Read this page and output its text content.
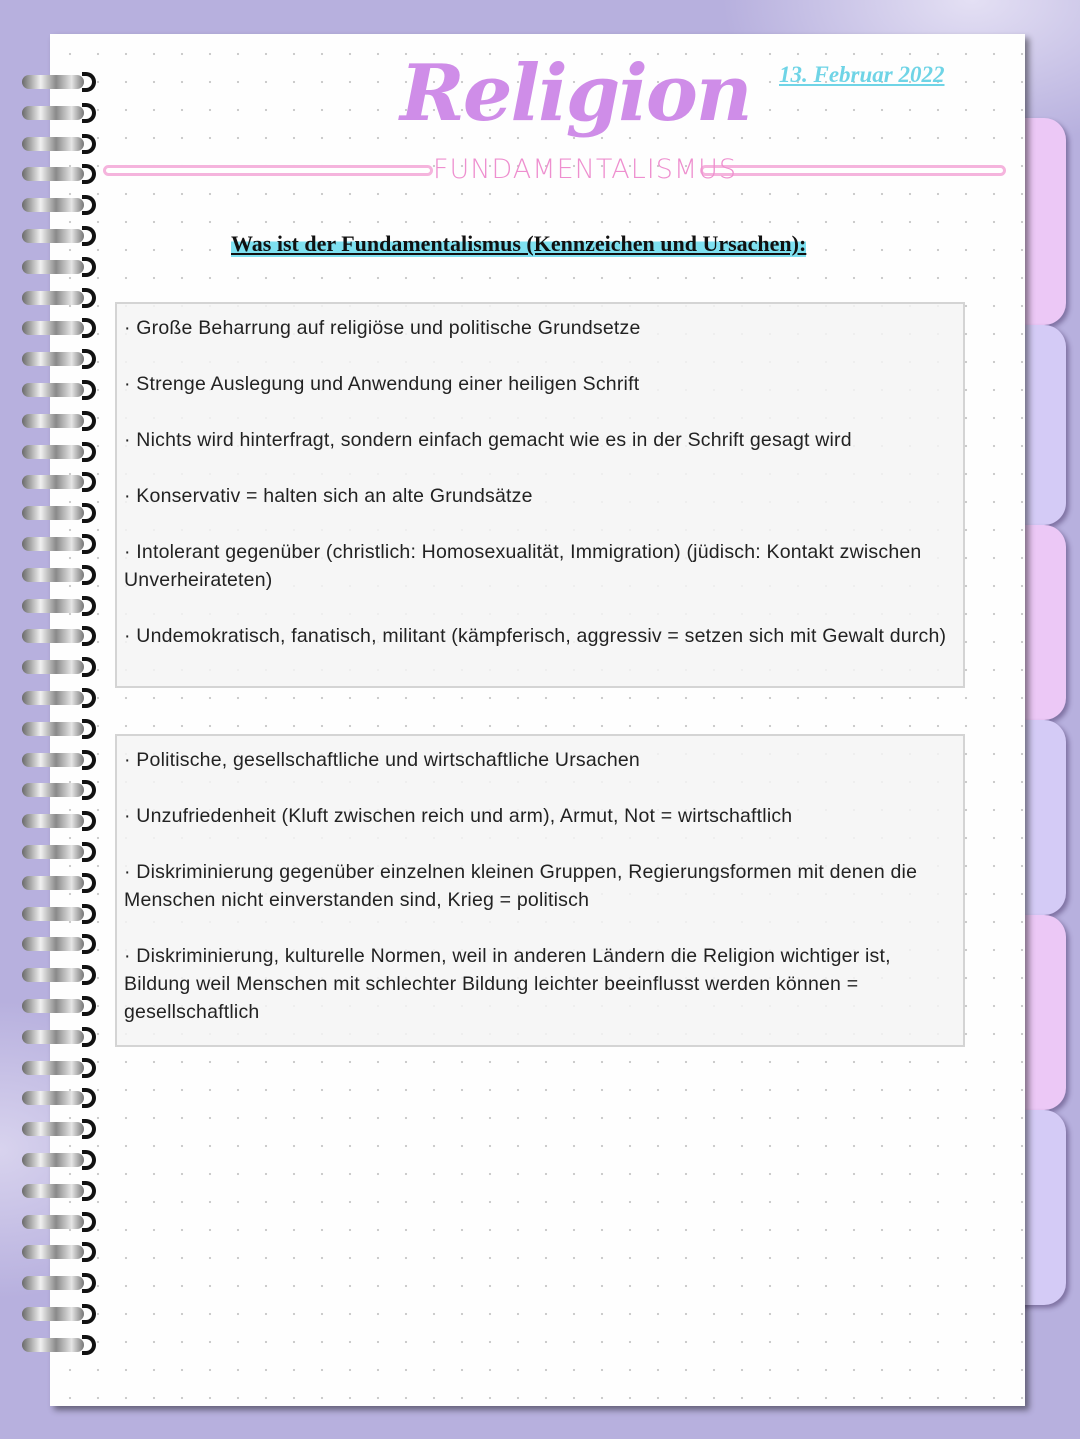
Religion 13. Februar 2022
FUNDAMENTALISMUS
Was ist der Fundamentalismus (Kennzeichen und Ursachen):

· Große Beharrung auf religiöse und politische Grundsetze

· Strenge Auslegung und Anwendung einer heiligen Schrift

· Nichts wird hinterfragt, sondern einfach gemacht wie es in der Schrift gesagt wird

· Konservativ = halten sich an alte Grundsätze

· Intolerant gegenüber (christlich: Homosexualität, Immigration) (jüdisch: Kontakt zwischen Unverheirateten)

· Undemokratisch, fanatisch, militant (kämpferisch, aggressiv = setzen sich mit Gewalt durch)

· Politische, gesellschaftliche und wirtschaftliche Ursachen

· Unzufriedenheit (Kluft zwischen reich und arm), Armut, Not = wirtschaftlich

· Diskriminierung gegenüber einzelnen kleinen Gruppen, Regierungsformen mit denen die Menschen nicht einverstanden sind, Krieg = politisch

· Diskriminierung, kulturelle Normen, weil in anderen Ländern die Religion wichtiger ist, Bildung weil Menschen mit schlechter Bildung leichter beeinflusst werden können = gesellschaftlich
